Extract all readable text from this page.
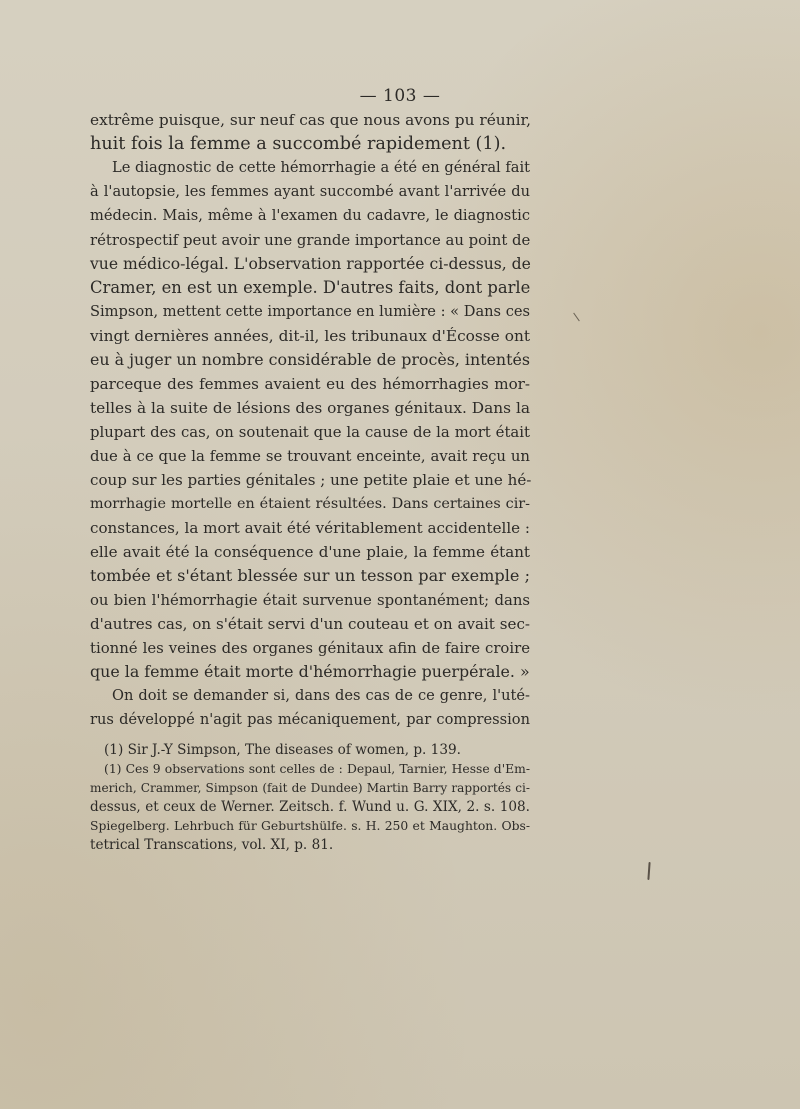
— 103 —
extrême puisque, sur neuf cas que nous avons pu réunir,
huit fois la femme a succombé rapidement (1).
Le diagnostic de cette hémorrhagie a été en général fait
à l'autopsie, les femmes ayant succombé avant l'arrivée du
médecin. Mais, même à l'examen du cadavre, le diagnostic
rétrospectif peut avoir une grande importance au point de
vue médico-légal. L'observation rapportée ci-dessus, de
Cramer, en est un exemple. D'autres faits, dont parle
Simpson, mettent cette importance en lumière : « Dans ces
vingt dernières années, dit-il, les tribunaux d'Écosse ont
eu à juger un nombre considérable de procès, intentés
parceque des femmes avaient eu des hémorrhagies mor-
telles à la suite de lésions des organes génitaux. Dans la
plupart des cas, on soutenait que la cause de la mort était
due à ce que la femme se trouvant enceinte, avait reçu un
coup sur les parties génitales ; une petite plaie et une hé-
morrhagie mortelle en étaient résultées. Dans certaines cir-
constances, la mort avait été véritablement accidentelle :
elle avait été la conséquence d'une plaie, la femme étant
tombée et s'étant blessée sur un tesson par exemple ;
ou bien l'hémorrhagie était survenue spontanément; dans
d'autres cas, on s'était servi d'un couteau et on avait sec-
tionné les veines des organes génitaux afin de faire croire
que la femme était morte d'hémorrhagie puerpérale. »
On doit se demander si, dans des cas de ce genre, l'uté-
rus développé n'agit pas mécaniquement, par compression
(1) Sir J.-Y Simpson, The diseases of women, p. 139.
(1) Ces 9 observations sont celles de : Depaul, Tarnier, Hesse d'Em-
merich, Crammer, Simpson (fait de Dundee) Martin Barry rapportés ci-
dessus, et ceux de Werner. Zeitsch. f. Wund u. G. XIX, 2. s. 108.
Spiegelberg. Lehrbuch für Geburtshülfe. s. H. 250 et Maughton. Obs-
tetrical Transcations, vol. XI, p. 81.
